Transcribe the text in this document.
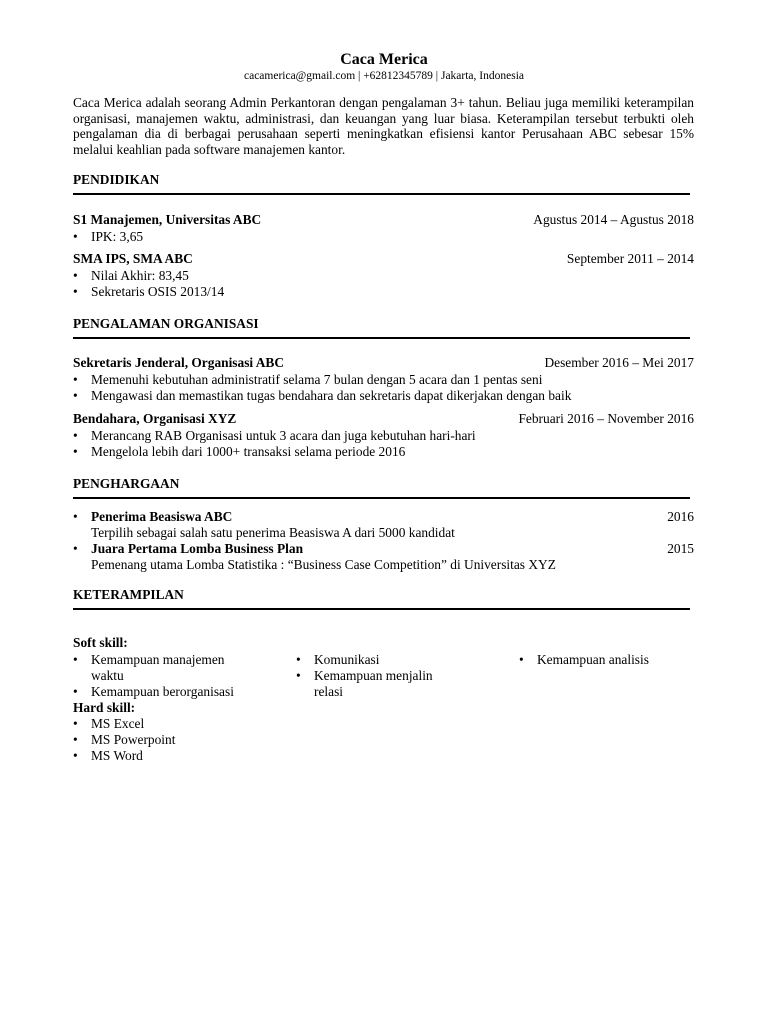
Caca Merica
cacamerica@gmail.com | +62812345789 | Jakarta, Indonesia
Caca Merica adalah seorang Admin Perkantoran dengan pengalaman 3+ tahun. Beliau juga memiliki keterampilan organisasi, manajemen waktu, administrasi, dan keuangan yang luar biasa. Keterampilan tersebut terbukti oleh pengalaman dia di berbagai perusahaan seperti meningkatkan efisiensi kantor Perusahaan ABC sebesar 15% melalui keahlian pada software manajemen kantor.
PENDIDIKAN
S1 Manajemen, Universitas ABC	Agustus 2014 – Agustus 2018
• IPK: 3,65
SMA IPS, SMA ABC	September 2011 – 2014
• Nilai Akhir: 83,45
• Sekretaris OSIS 2013/14
PENGALAMAN ORGANISASI
Sekretaris Jenderal, Organisasi ABC	Desember 2016 – Mei 2017
• Memenuhi kebutuhan administratif selama 7 bulan dengan 5 acara dan 1 pentas seni
• Mengawasi dan memastikan tugas bendahara dan sekretaris dapat dikerjakan dengan baik
Bendahara, Organisasi XYZ	Februari 2016 – November 2016
• Merancang RAB Organisasi untuk 3 acara dan juga kebutuhan hari-hari
• Mengelola lebih dari 1000+ transaksi selama periode 2016
PENGHARGAAN
• Penerima Beasiswa ABC	2016
Terpilih sebagai salah satu penerima Beasiswa A dari 5000 kandidat
• Juara Pertama Lomba Business Plan	2015
Pemenang utama Lomba Statistika : “Business Case Competition” di Universitas XYZ
KETERAMPILAN
Soft skill:
• Kemampuan manajemen
waktu
• Kemampuan berorganisasi
• Komunikasi
• Kemampuan menjalin
relasi
• Kemampuan analisis
Hard skill:
• MS Excel
• MS Powerpoint
• MS Word
